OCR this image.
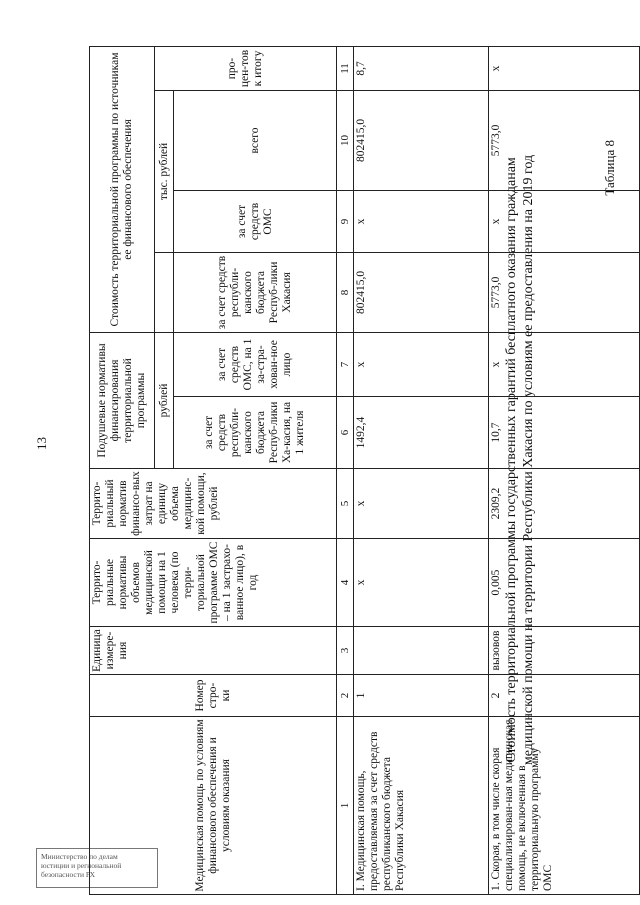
13
Министерство по делам
юстиции и региональной
безопасности РХ
Таблица 8
Стоимость территориальной программы государственных гарантий бесплатного оказания гражданам медицинской помощи на территории Республики Хакасия по условиям ее предоставления на 2019 год
Медицинская помощь по условиям финансового обеспечения и условиям оказания	Номер стро-ки	Единица измере-ния	Террито-риальные нормативы объемов медицинской помощи на 1 человека (по терри-ториальной программе ОМС – на 1 застрахо-ванное лицо), в год	Террито-риальный норматив финансо-вых затрат на единицу объема медицинс-кой помощи, рублей	Подушевые нормативы финансирования территориальной программы		Стоимость территориальной программы по источникам ее финансового обеспечения			
					рублей			тыс. рублей		про-цен-тов к итогу
					за счет средств республи-канского бюджета Респуб-лики Ха-касия, на 1 жителя	за счет средств ОМС, на 1 за-стра-хован-ное лицо	за счет средств республи-канского бюджета Респуб-лики Хакасия	за счет средств ОМС	всего	
1	2	3	4	5	6	7	8	9	10	11
I. Медицинская помощь, предоставляемая за счет средств республиканского бюджета Республики Хакасия	1		х	х	1492,4	х	802415,0	х	802415,0	8,7
1. Скорая, в том числе скорая специализирован-ная медицинская помощь, не включенная в территориальную программу ОМС	2	вызовов	0,005	2309,2	10,7	х	5773,0	х	5773,0	х
